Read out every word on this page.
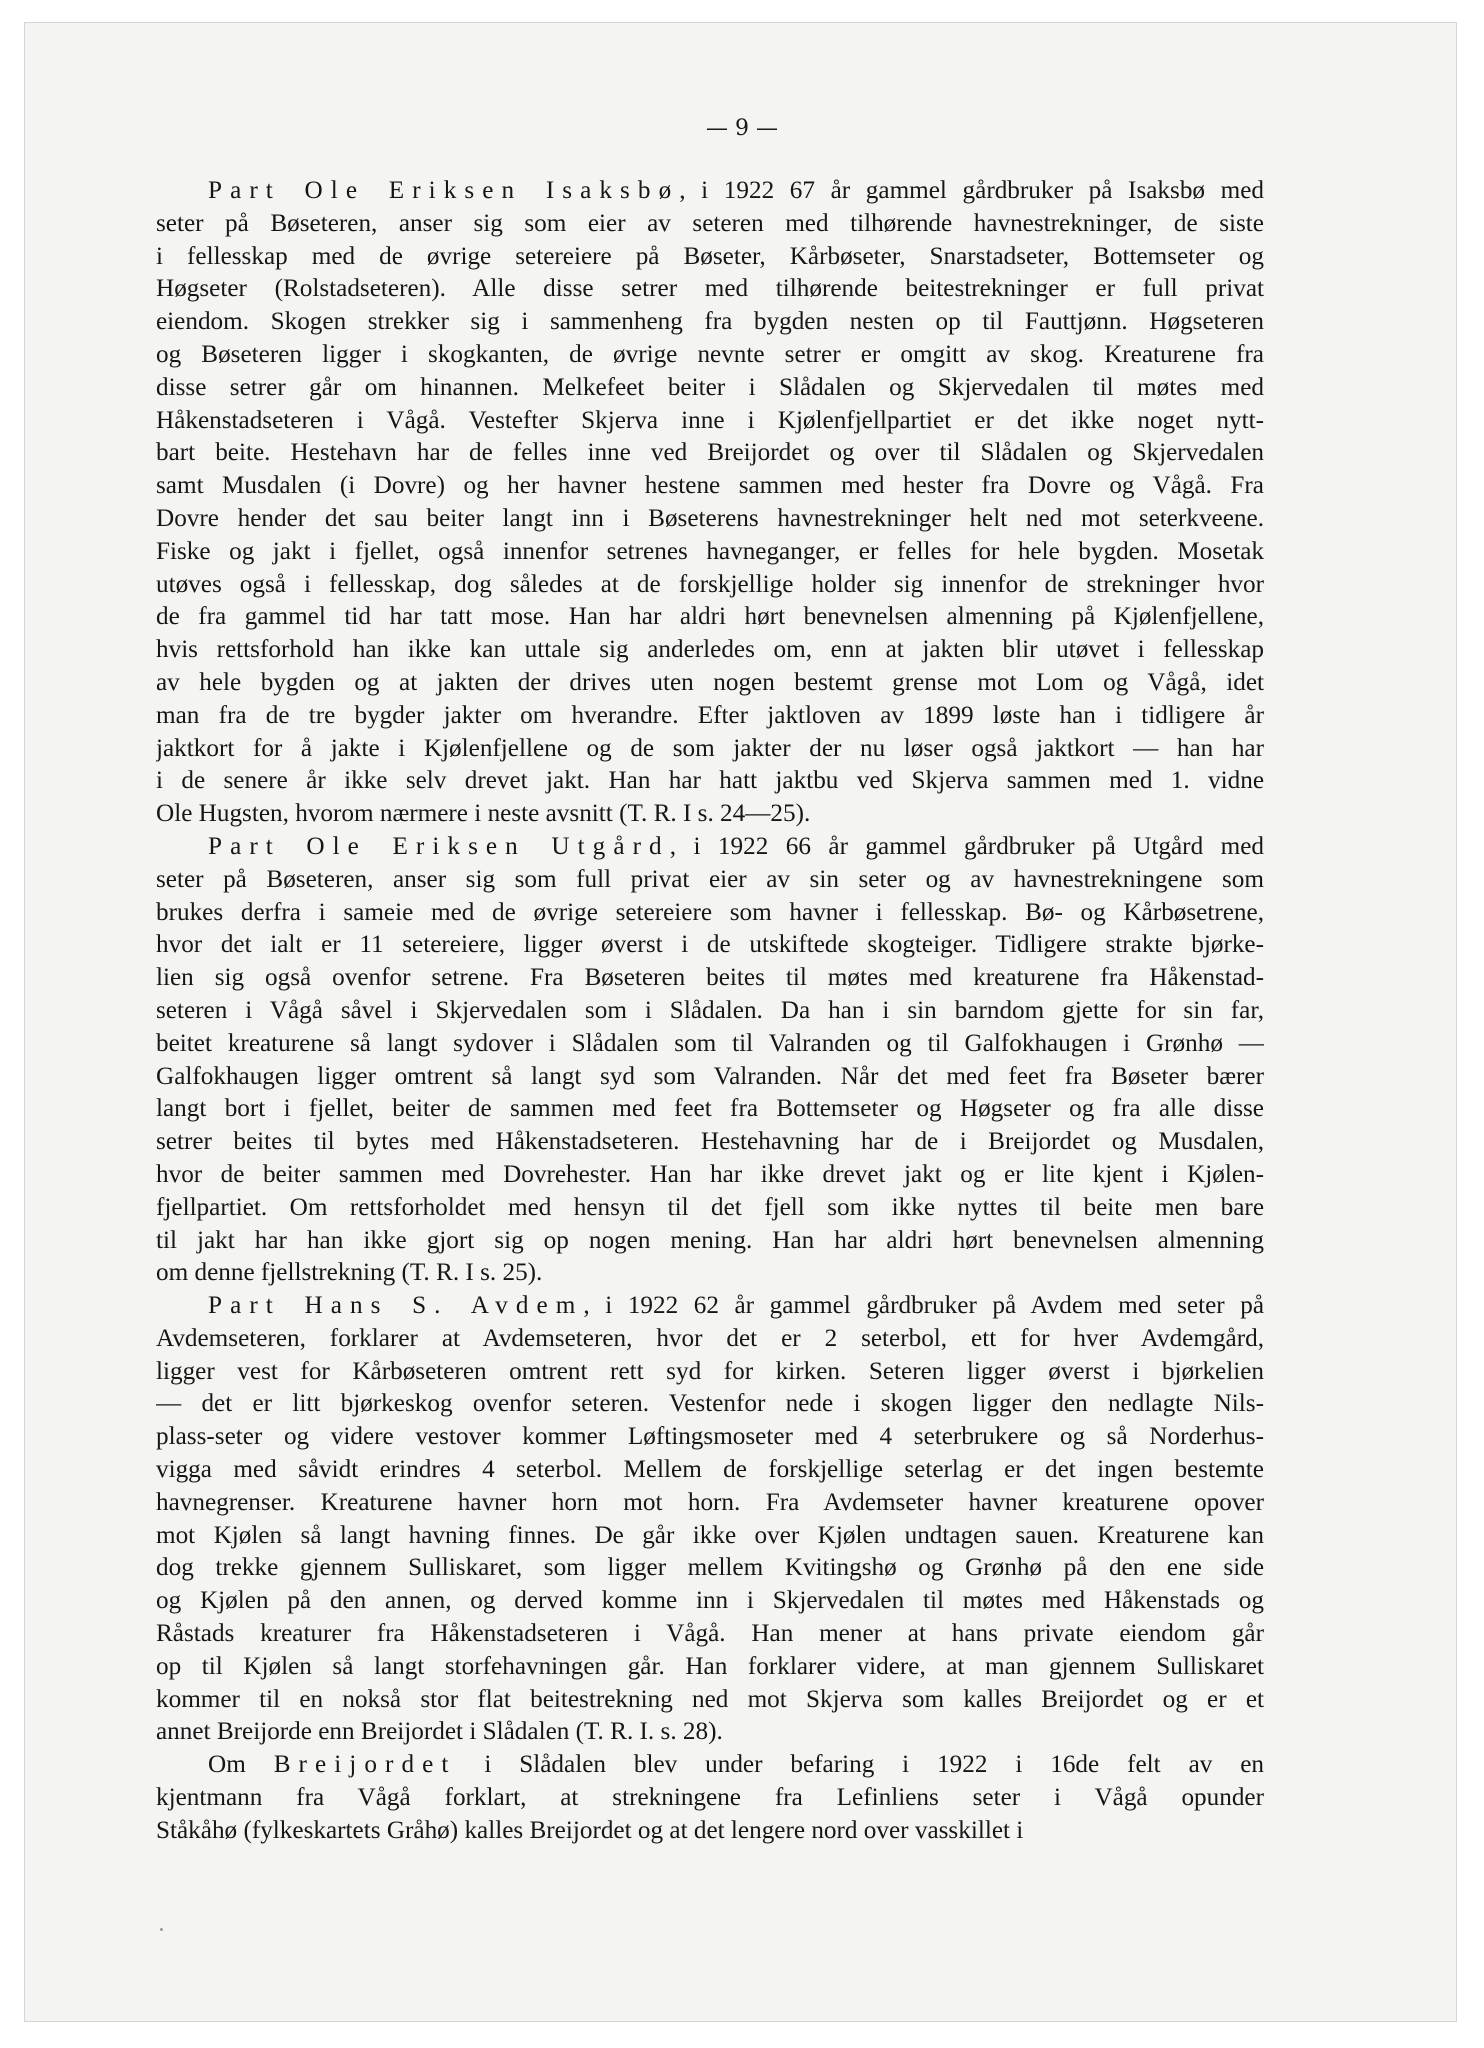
— 9 —
Part Ole Eriksen Isaksbø, i 1922 67 år gammel gårdbruker på Isaksbø med
seter på Bøseteren, anser sig som eier av seteren med tilhørende havnestrekninger, de siste
i fellesskap med de øvrige setereiere på Bøseter, Kårbøseter, Snarstadseter, Bottemseter og
Høgseter (Rolstadseteren). Alle disse setrer med tilhørende beitestrekninger er full privat
eiendom. Skogen strekker sig i sammenheng fra bygden nesten op til Fauttjønn. Høgseteren
og Bøseteren ligger i skogkanten, de øvrige nevnte setrer er omgitt av skog. Kreaturene fra
disse setrer går om hinannen. Melkefeet beiter i Slådalen og Skjervedalen til møtes med
Håkenstadseteren i Vågå. Vestefter Skjerva inne i Kjølenfjellpartiet er det ikke noget nytt-
bart beite. Hestehavn har de felles inne ved Breijordet og over til Slådalen og Skjervedalen
samt Musdalen (i Dovre) og her havner hestene sammen med hester fra Dovre og Vågå. Fra
Dovre hender det sau beiter langt inn i Bøseterens havnestrekninger helt ned mot seterkveene.
Fiske og jakt i fjellet, også innenfor setrenes havneganger, er felles for hele bygden. Mosetak
utøves også i fellesskap, dog således at de forskjellige holder sig innenfor de strekninger hvor
de fra gammel tid har tatt mose. Han har aldri hørt benevnelsen almenning på Kjølenfjellene,
hvis rettsforhold han ikke kan uttale sig anderledes om, enn at jakten blir utøvet i fellesskap
av hele bygden og at jakten der drives uten nogen bestemt grense mot Lom og Vågå, idet
man fra de tre bygder jakter om hverandre. Efter jaktloven av 1899 løste han i tidligere år
jaktkort for å jakte i Kjølenfjellene og de som jakter der nu løser også jaktkort — han har
i de senere år ikke selv drevet jakt. Han har hatt jaktbu ved Skjerva sammen med 1. vidne
Ole Hugsten, hvorom nærmere i neste avsnitt (T. R. I s. 24—25).
Part Ole Eriksen Utgård, i 1922 66 år gammel gårdbruker på Utgård med
seter på Bøseteren, anser sig som full privat eier av sin seter og av havnestrekningene som
brukes derfra i sameie med de øvrige setereiere som havner i fellesskap. Bø- og Kårbøsetrene,
hvor det ialt er 11 setereiere, ligger øverst i de utskiftede skogteiger. Tidligere strakte bjørke-
lien sig også ovenfor setrene. Fra Bøseteren beites til møtes med kreaturene fra Håkenstad-
seteren i Vågå såvel i Skjervedalen som i Slådalen. Da han i sin barndom gjette for sin far,
beitet kreaturene så langt sydover i Slådalen som til Valranden og til Galfokhaugen i Grønhø —
Galfokhaugen ligger omtrent så langt syd som Valranden. Når det med feet fra Bøseter bærer
langt bort i fjellet, beiter de sammen med feet fra Bottemseter og Høgseter og fra alle disse
setrer beites til bytes med Håkenstadseteren. Hestehavning har de i Breijordet og Musdalen,
hvor de beiter sammen med Dovrehester. Han har ikke drevet jakt og er lite kjent i Kjølen-
fjellpartiet. Om rettsforholdet med hensyn til det fjell som ikke nyttes til beite men bare
til jakt har han ikke gjort sig op nogen mening. Han har aldri hørt benevnelsen almenning
om denne fjellstrekning (T. R. I s. 25).
Part Hans S. Avdem, i 1922 62 år gammel gårdbruker på Avdem med seter på
Avdemseteren, forklarer at Avdemseteren, hvor det er 2 seterbol, ett for hver Avdemgård,
ligger vest for Kårbøseteren omtrent rett syd for kirken. Seteren ligger øverst i bjørkelien
— det er litt bjørkeskog ovenfor seteren. Vestenfor nede i skogen ligger den nedlagte Nils-
plass-seter og videre vestover kommer Løftingsmoseter med 4 seterbrukere og så Norderhus-
vigga med såvidt erindres 4 seterbol. Mellem de forskjellige seterlag er det ingen bestemte
havnegrenser. Kreaturene havner horn mot horn. Fra Avdemseter havner kreaturene opover
mot Kjølen så langt havning finnes. De går ikke over Kjølen undtagen sauen. Kreaturene kan
dog trekke gjennem Sulliskaret, som ligger mellem Kvitingshø og Grønhø på den ene side
og Kjølen på den annen, og derved komme inn i Skjervedalen til møtes med Håkenstads og
Råstads kreaturer fra Håkenstadseteren i Vågå. Han mener at hans private eiendom går
op til Kjølen så langt storfehavningen går. Han forklarer videre, at man gjennem Sulliskaret
kommer til en nokså stor flat beitestrekning ned mot Skjerva som kalles Breijordet og er et
annet Breijorde enn Breijordet i Slådalen (T. R. I. s. 28).
Om Breijordet i Slådalen blev under befaring i 1922 i 16de felt av en
kjentmann fra Vågå forklart, at strekningene fra Lefinliens seter i Vågå opunder
Ståkåhø (fylkeskartets Gråhø) kalles Breijordet og at det lengere nord over vasskillet i
